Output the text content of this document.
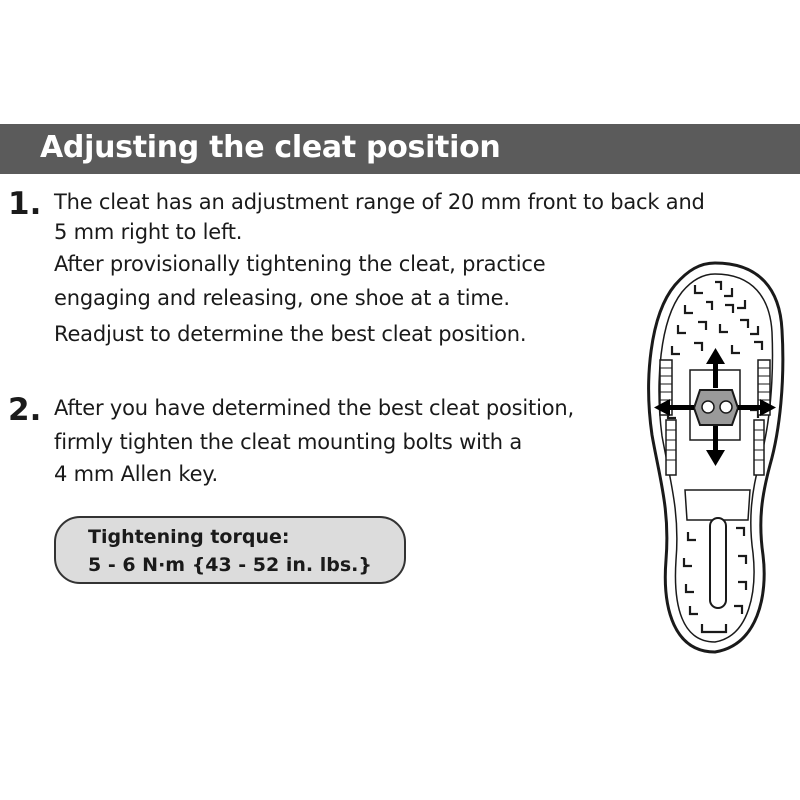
Adjusting the cleat position
1. The cleat has an adjustment range of 20 mm front to back and
5 mm right to left.
After provisionally tightening the cleat, practice
engaging and releasing, one shoe at a time.
Readjust to determine the best cleat position.
2. After you have determined the best cleat position,
firmly tighten the cleat mounting bolts with a
4 mm Allen key.
Tightening torque:
5 - 6 N·m {43 - 52 in. lbs.}
